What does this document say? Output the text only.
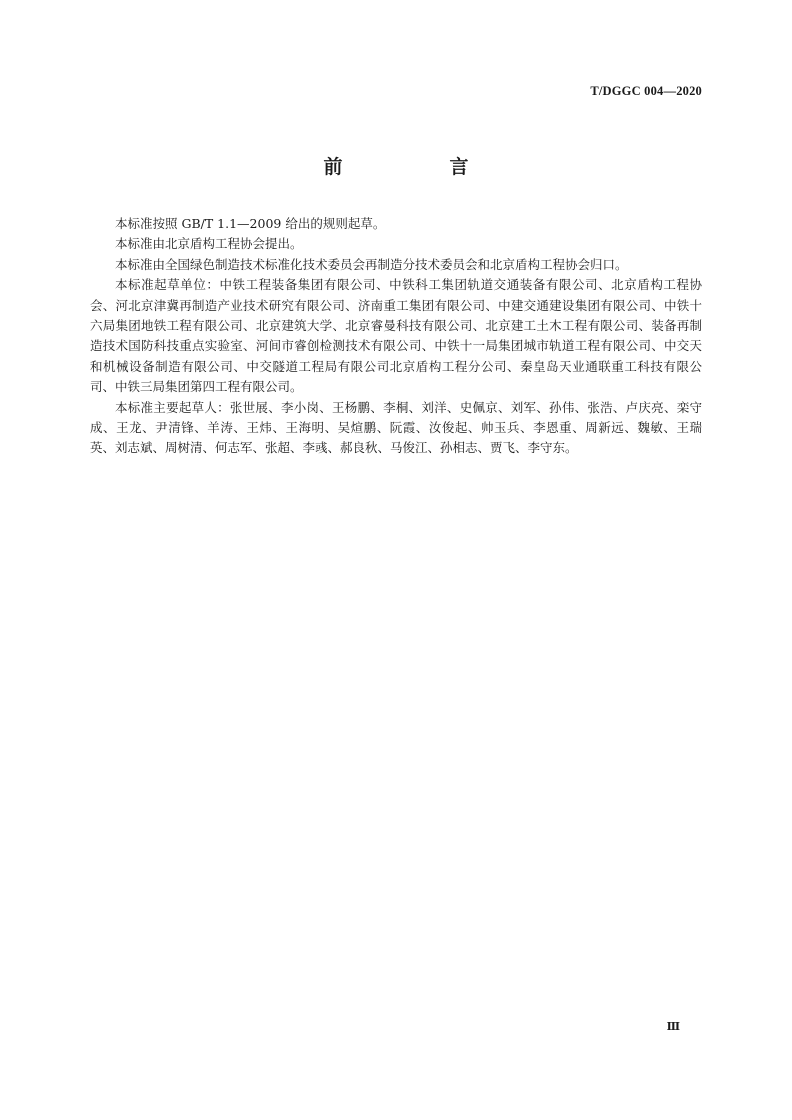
T/DGGC 004—2020
前　言

本标准按照 GB/T 1.1—2009 给出的规则起草。

本标准由北京盾构工程协会提出。

本标准由全国绿色制造技术标准化技术委员会再制造分技术委员会和北京盾构工程协会归口。

本标准起草单位：中铁工程装备集团有限公司、中铁科工集团轨道交通装备有限公司、北京盾构工程协会、河北京津冀再制造产业技术研究有限公司、济南重工集团有限公司、中建交通建设集团有限公司、中铁十六局集团地铁工程有限公司、北京建筑大学、北京睿曼科技有限公司、北京建工土木工程有限公司、装备再制造技术国防科技重点实验室、河间市睿创检测技术有限公司、中铁十一局集团城市轨道工程有限公司、中交天和机械设备制造有限公司、中交隧道工程局有限公司北京盾构工程分公司、秦皇岛天业通联重工科技有限公司、中铁三局集团第四工程有限公司。

本标准主要起草人：张世展、李小岗、王杨鹏、李桐、刘洋、史佩京、刘军、孙伟、张浩、卢庆亮、栾守成、王龙、尹清锋、羊涛、王炜、王海明、吴煊鹏、阮霞、汝俊起、帅玉兵、李恩重、周新远、魏敏、王瑞英、刘志斌、周树清、何志军、张超、李彧、郝良秋、马俊江、孙相志、贾飞、李守东。

Ⅲ
